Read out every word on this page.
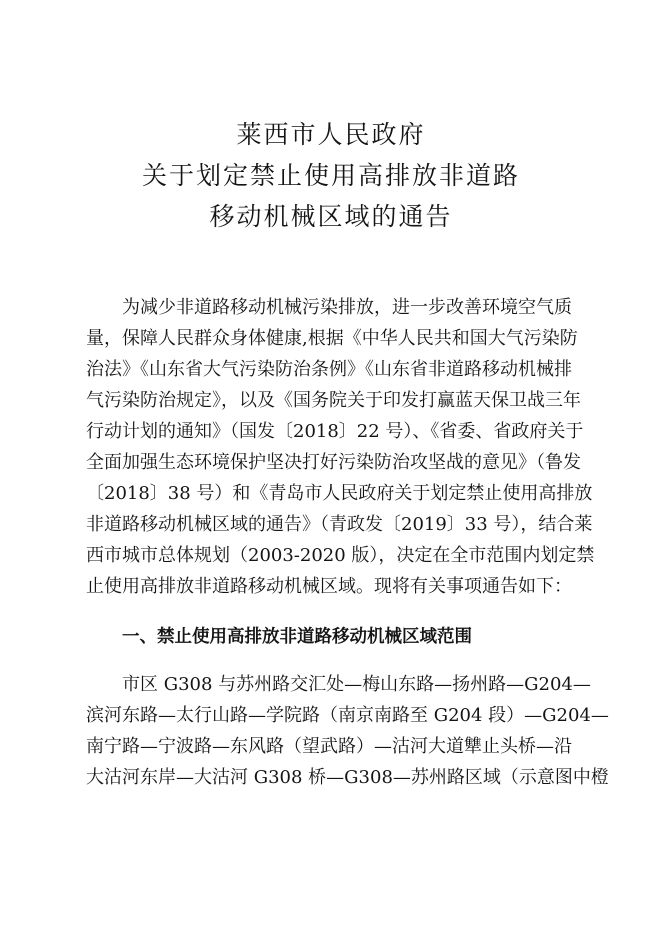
莱西市人民政府
关于划定禁止使用高排放非道路
移动机械区域的通告
为减少非道路移动机械污染排放，进一步改善环境空气质
量，保障人民群众身体健康,根据《中华人民共和国大气污染防
治法》《山东省大气污染防治条例》《山东省非道路移动机械排
气污染防治规定》，以及《国务院关于印发打赢蓝天保卫战三年
行动计划的通知》（国发〔2018〕22 号）、《省委、省政府关于
全面加强生态环境保护坚决打好污染防治攻坚战的意见》（鲁发
〔2018〕38 号）和《青岛市人民政府关于划定禁止使用高排放
非道路移动机械区域的通告》（青政发〔2019〕33 号），结合莱
西市城市总体规划（2003-2020 版），决定在全市范围内划定禁
止使用高排放非道路移动机械区域。现将有关事项通告如下：
一、禁止使用高排放非道路移动机械区域范围
市区 G308 与苏州路交汇处—梅山东路—扬州路—G204—
滨河东路—太行山路—学院路（南京南路至 G204 段）—G204—
南宁路—宁波路—东风路（望武路）—沽河大道犨止头桥—沿
大沽河东岸—大沽河 G308 桥—G308—苏州路区域（示意图中橙
